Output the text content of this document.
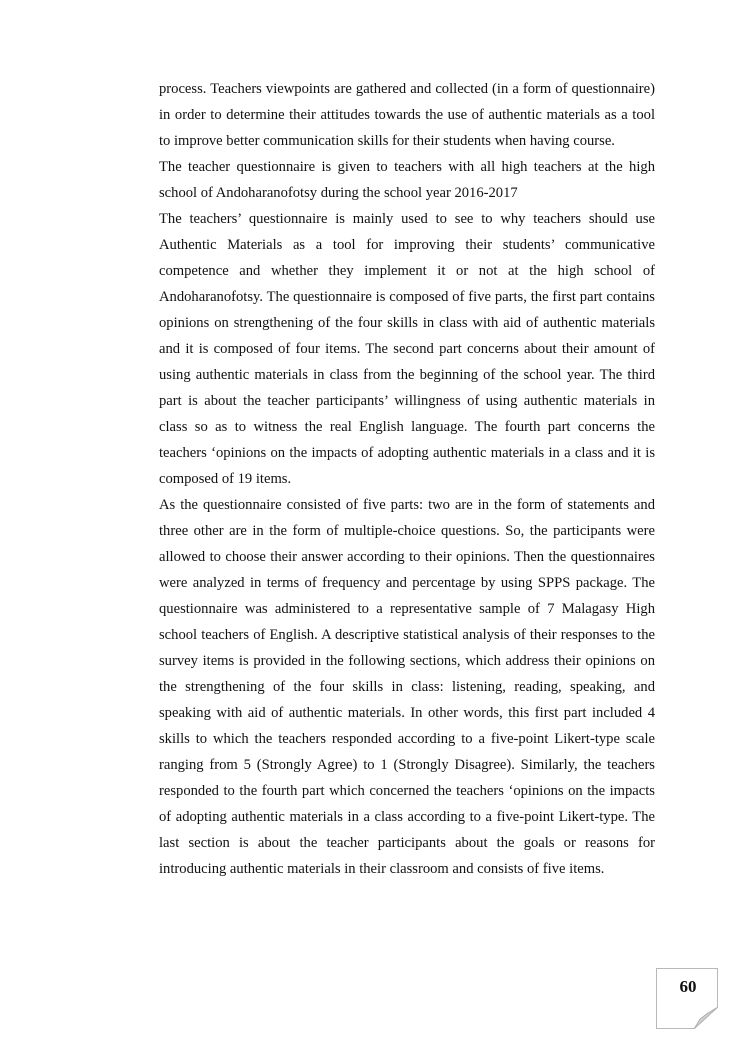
process. Teachers viewpoints are gathered and collected (in a form of questionnaire) in order to determine their attitudes towards the use of authentic materials as a tool to improve better communication skills for their students when having course.

The teacher questionnaire is given to teachers with all high teachers at the high school of Andoharanofotsy during the school year 2016-2017

The teachers’ questionnaire is mainly used to see to why teachers should use Authentic Materials as a tool for improving their students’ communicative competence and whether they implement it or not at the high school of Andoharanofotsy. The questionnaire is composed of five parts, the first part contains opinions on strengthening of the four skills in class with aid of authentic materials and it is composed of four items. The second part concerns about their amount of using authentic materials in class from the beginning of the school year. The third part is about the teacher participants’ willingness of using authentic materials in class so as to witness the real English language. The fourth part concerns the teachers ‘opinions on the impacts of adopting authentic materials in a class and it is composed of 19 items.

As the questionnaire consisted of five parts: two are in the form of statements and three other are in the form of multiple-choice questions. So, the participants were allowed to choose their answer according to their opinions. Then the questionnaires were analyzed in terms of frequency and percentage by using SPPS package. The questionnaire was administered to a representative sample of 7 Malagasy High school teachers of English. A descriptive statistical analysis of their responses to the survey items is provided in the following sections, which address their opinions on the strengthening of the four skills in class: listening, reading, speaking, and speaking with aid of authentic materials. In other words, this first part included 4 skills to which the teachers responded according to a five-point Likert-type scale ranging from 5 (Strongly Agree) to 1 (Strongly Disagree). Similarly, the teachers responded to the fourth part which concerned the teachers ‘opinions on the impacts of adopting authentic materials in a class according to a five-point Likert-type. The last section is about the teacher participants about the goals or reasons for introducing authentic materials in their classroom and consists of five items.

60
